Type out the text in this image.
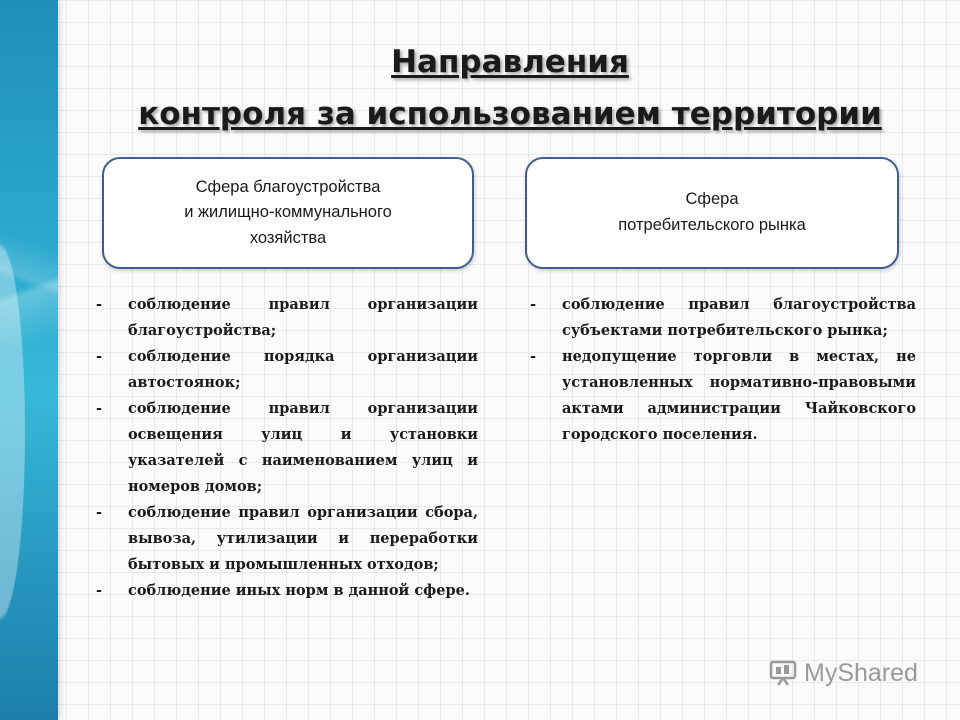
Направления
контроля за использованием территории
Сфера благоустройства
и жилищно-коммунального
хозяйства
Сфера
потребительского рынка
- соблюдение правил организации благоустройства;
- соблюдение порядка организации автостоянок;
- соблюдение правил организации освещения улиц и установки указателей с наименованием улиц и номеров домов;
- соблюдение правил организации сбора, вывоза, утилизации и переработки бытовых и промышленных отходов;
- соблюдение иных норм в данной сфере.
- соблюдение правил благоустройства субъектами потребительского рынка;
- недопущение торговли в местах, не установленных нормативно-правовыми актами администрации Чайковского городского поселения.
MyShared
